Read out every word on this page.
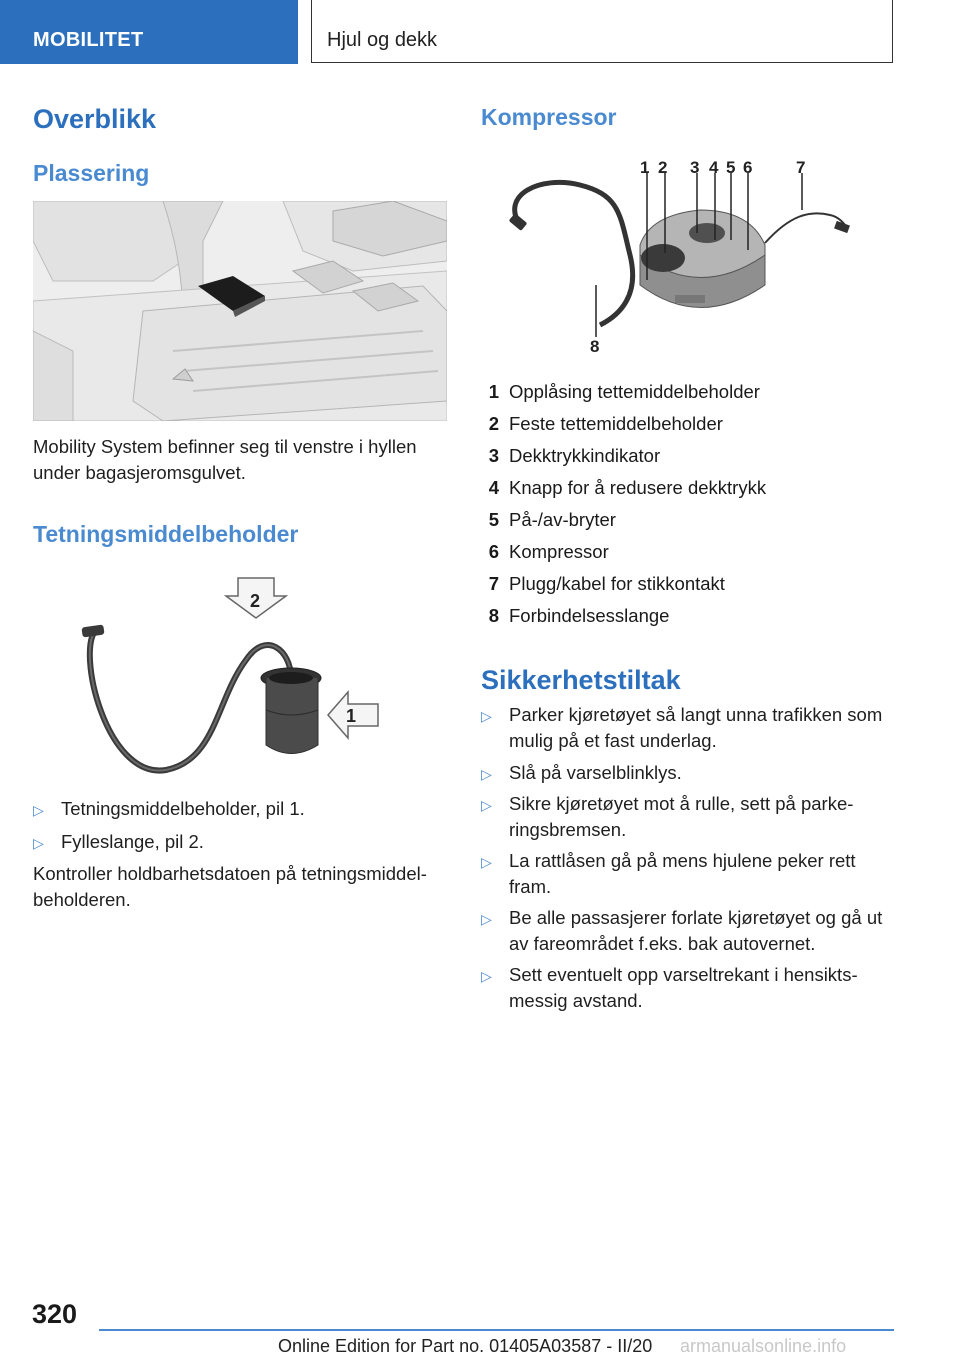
MOBILITET	Hjul og dekk
Overblikk
Plassering
Mobility System befinner seg til venstre i hyllen
under bagasjeromsgulvet.
Tetningsmiddelbeholder
2
1
▷ Tetningsmiddelbeholder, pil 1.
▷ Fylleslange, pil 2.
Kontroller holdbarhetsdatoen på tetningsmiddel-
beholderen.
Kompressor
1 2 3 4 5 6	7
8
1 Opplåsing tettemiddelbeholder
2 Feste tettemiddelbeholder
3 Dekktrykkindikator
4 Knapp for å redusere dekktrykk
5 På-/av-bryter
6 Kompressor
7 Plugg/kabel for stikkontakt
8 Forbindelsesslange
Sikkerhetstiltak
▷ Parker kjøretøyet så langt unna trafikken som
mulig på et fast underlag.
▷ Slå på varselblinklys.
▷ Sikre kjøretøyet mot å rulle, sett på parke-
ringsbremsen.
▷ La rattlåsen gå på mens hjulene peker rett
fram.
▷ Be alle passasjerer forlate kjøretøyet og gå ut
av fareområdet f.eks. bak autovernet.
▷ Sett eventuelt opp varseltrekant i hensikts-
messig avstand.
320
Online Edition for Part no. 01405A03587 - II/20 armanualsonline.info
